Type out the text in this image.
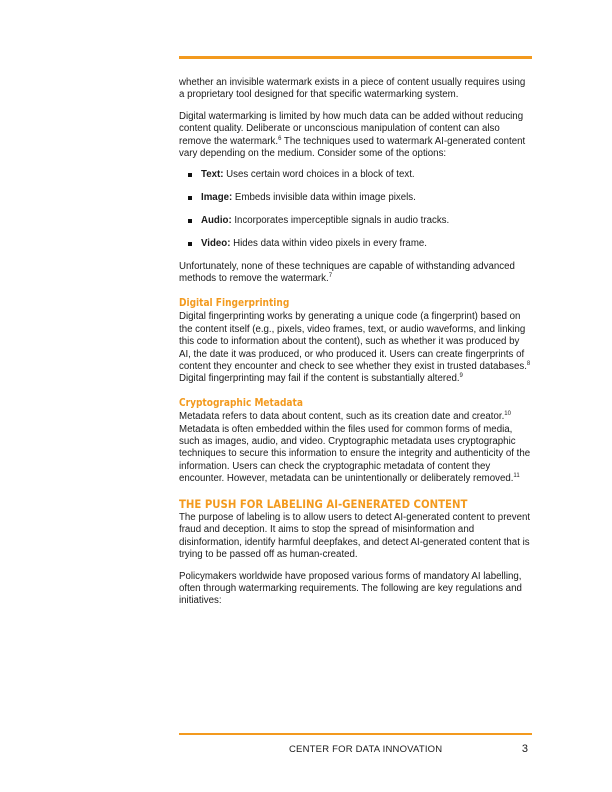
whether an invisible watermark exists in a piece of content usually requires using a proprietary tool designed for that specific watermarking system.

Digital watermarking is limited by how much data can be added without reducing content quality. Deliberate or unconscious manipulation of content can also remove the watermark.$^6$ The techniques used to watermark AI-generated content vary depending on the medium. Consider some of the options:

Text: Uses certain word choices in a block of text.
Image: Embeds invisible data within image pixels.
Audio: Incorporates imperceptible signals in audio tracks.
Video: Hides data within video pixels in every frame.

Unfortunately, none of these techniques are capable of withstanding advanced methods to remove the watermark.$^7$

Digital Fingerprinting

Digital fingerprinting works by generating a unique code (a fingerprint) based on the content itself (e.g., pixels, video frames, text, or audio waveforms, and linking this code to information about the content), such as whether it was produced by AI, the date it was produced, or who produced it. Users can create fingerprints of content they encounter and check to see whether they exist in trusted databases.$^8$ Digital fingerprinting may fail if the content is substantially altered.$^9$

Cryptographic Metadata

Metadata refers to data about content, such as its creation date and creator.$^{10}$ Metadata is often embedded within the files used for common forms of media, such as images, audio, and video. Cryptographic metadata uses cryptographic techniques to secure this information to ensure the integrity and authenticity of the information. Users can check the cryptographic metadata of content they encounter. However, metadata can be unintentionally or deliberately removed.$^{11}$

THE PUSH FOR LABELING AI-GENERATED CONTENT

The purpose of labeling is to allow users to detect AI-generated content to prevent fraud and deception. It aims to stop the spread of misinformation and disinformation, identify harmful deepfakes, and detect AI-generated content that is trying to be passed off as human-created.

Policymakers worldwide have proposed various forms of mandatory AI labelling, often through watermarking requirements. The following are key regulations and initiatives:

CENTER FOR DATA INNOVATION	3
